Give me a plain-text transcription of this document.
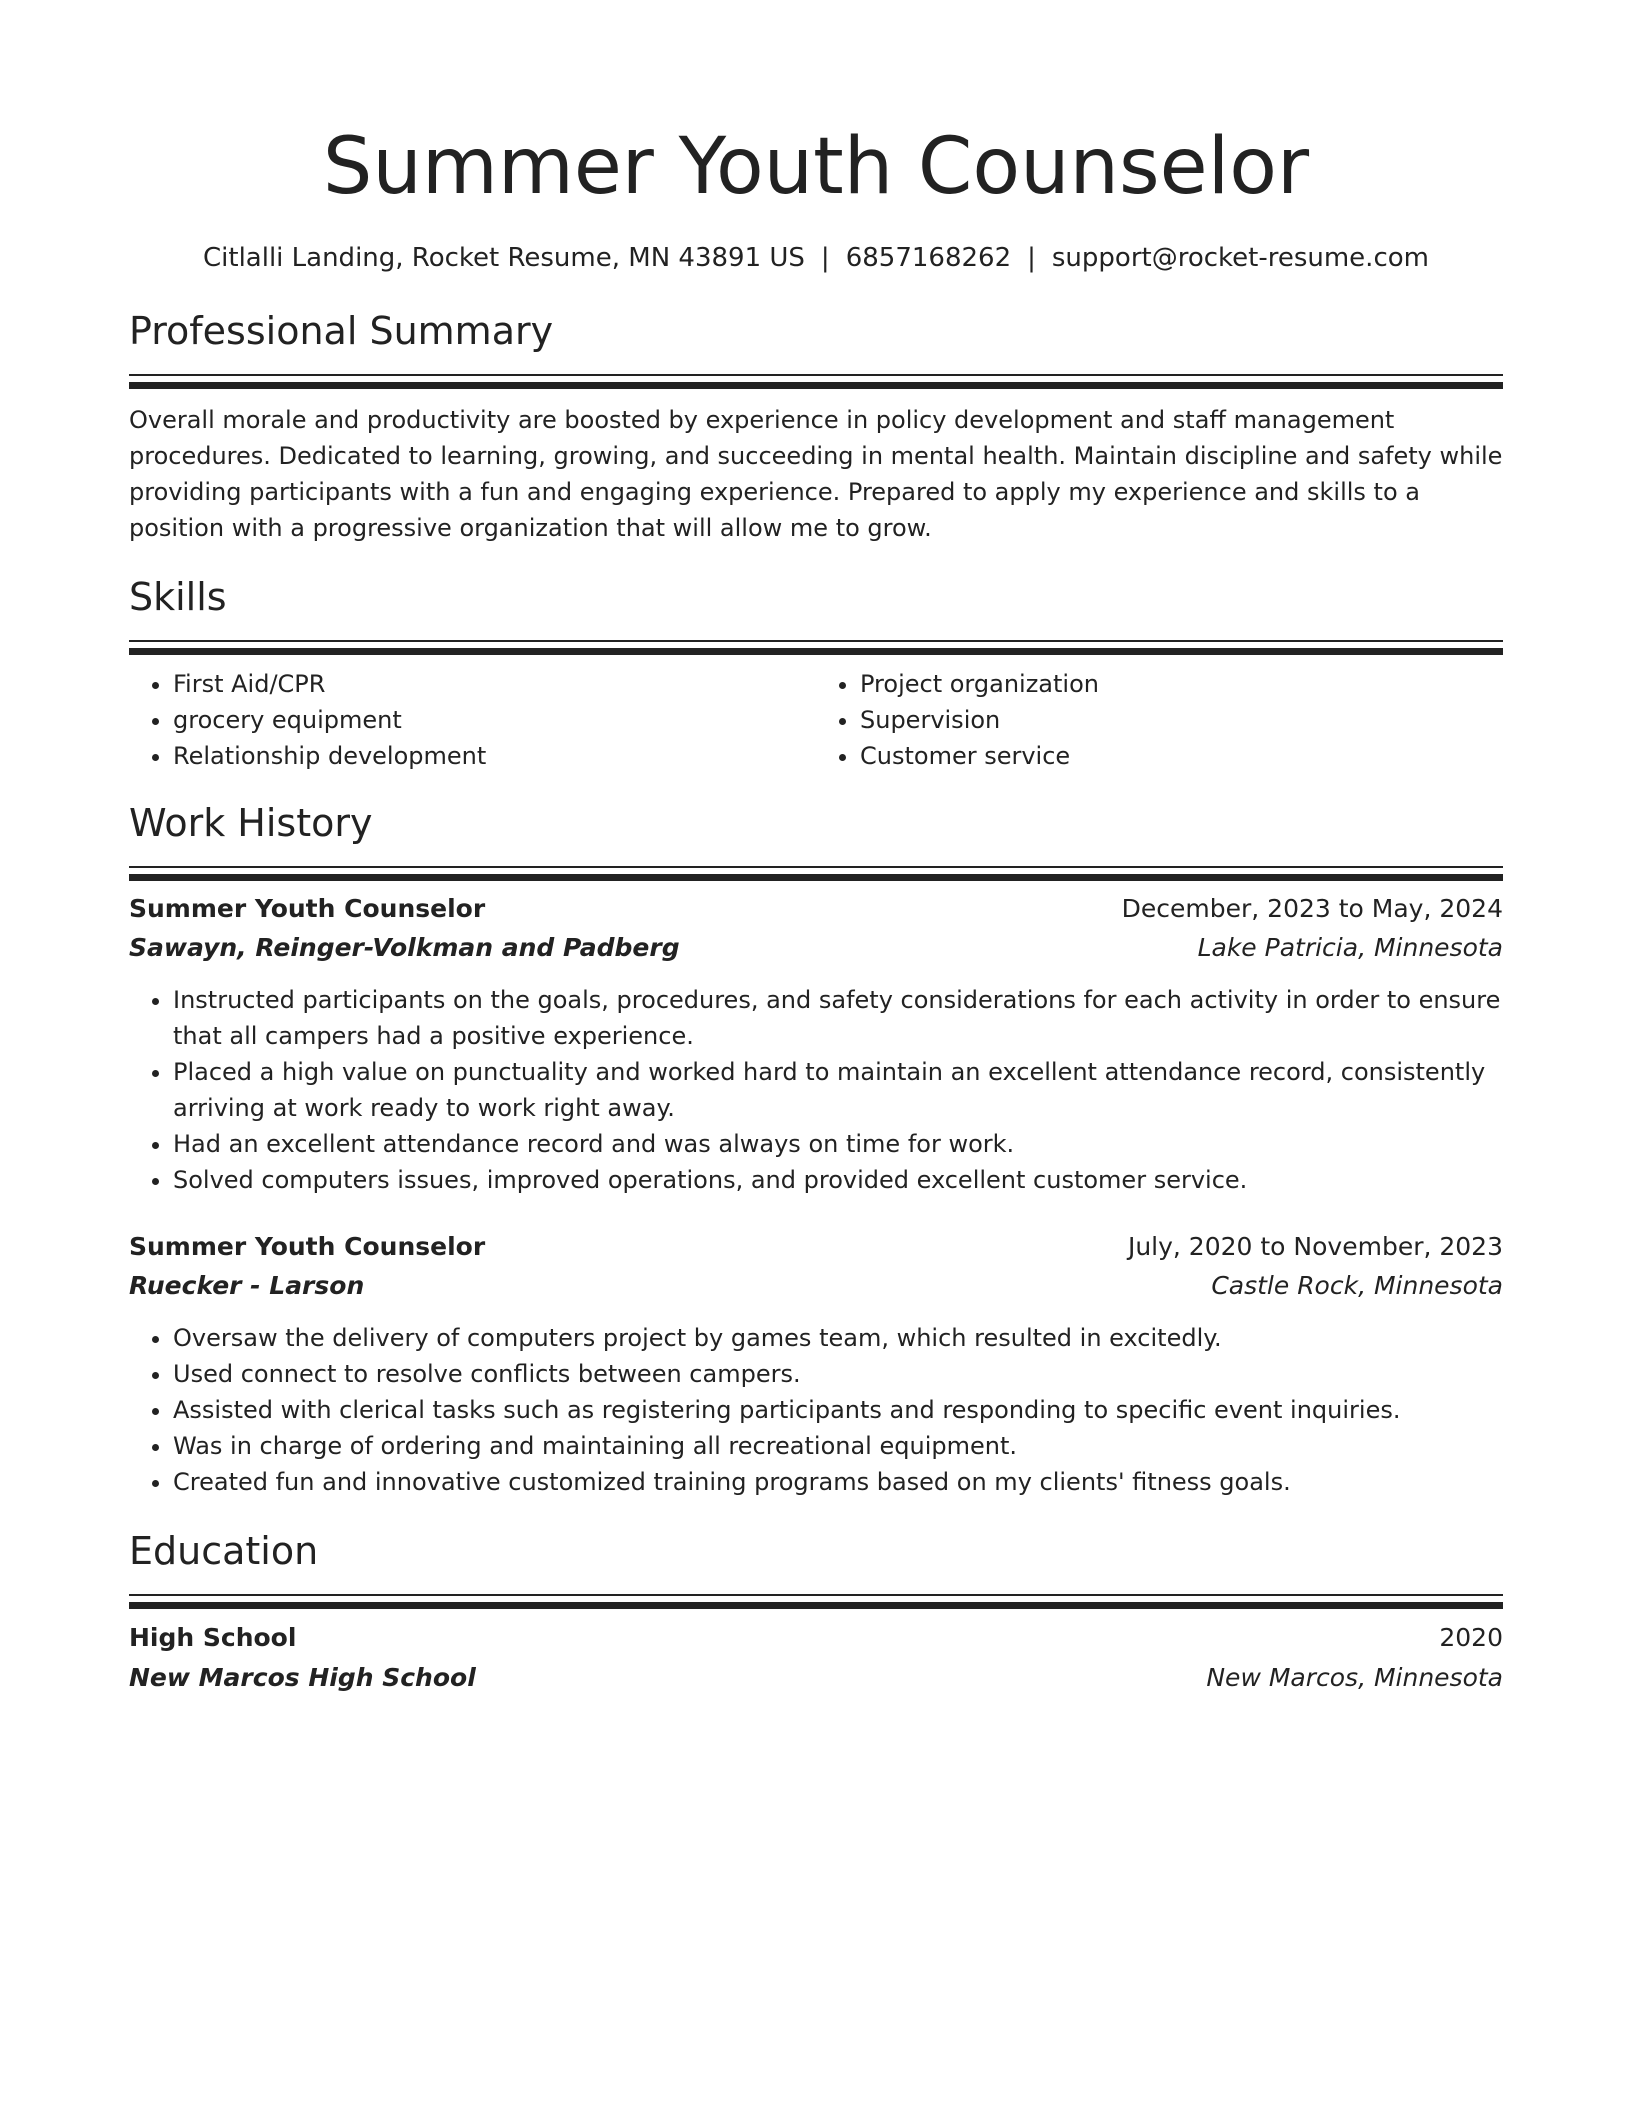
Summer Youth Counselor
Citlalli Landing, Rocket Resume, MN 43891 US | 6857168262 | support@rocket-resume.com
Professional Summary

Overall morale and productivity are boosted by experience in policy development and staff management procedures. Dedicated to learning, growing, and succeeding in mental health. Maintain discipline and safety while providing participants with a fun and engaging experience. Prepared to apply my experience and skills to a position with a progressive organization that will allow me to grow.

Skills
• First Aid/CPR
• grocery equipment
• Relationship development
• Project organization
• Supervision
• Customer service
Work History
Summer Youth Counselor	December, 2023 to May, 2024
Sawayn, Reinger-Volkman and Padberg	Lake Patricia, Minnesota
• Instructed participants on the goals, procedures, and safety considerations for each activity in order to ensure that all campers had a positive experience.
• Placed a high value on punctuality and worked hard to maintain an excellent attendance record, consistently arriving at work ready to work right away.
• Had an excellent attendance record and was always on time for work.
• Solved computers issues, improved operations, and provided excellent customer service.
Summer Youth Counselor	July, 2020 to November, 2023
Ruecker - Larson	Castle Rock, Minnesota
• Oversaw the delivery of computers project by games team, which resulted in excitedly.
• Used connect to resolve conflicts between campers.
• Assisted with clerical tasks such as registering participants and responding to specific event inquiries.
• Was in charge of ordering and maintaining all recreational equipment.
• Created fun and innovative customized training programs based on my clients' fitness goals.
Education
High School	2020
New Marcos High School	New Marcos, Minnesota
